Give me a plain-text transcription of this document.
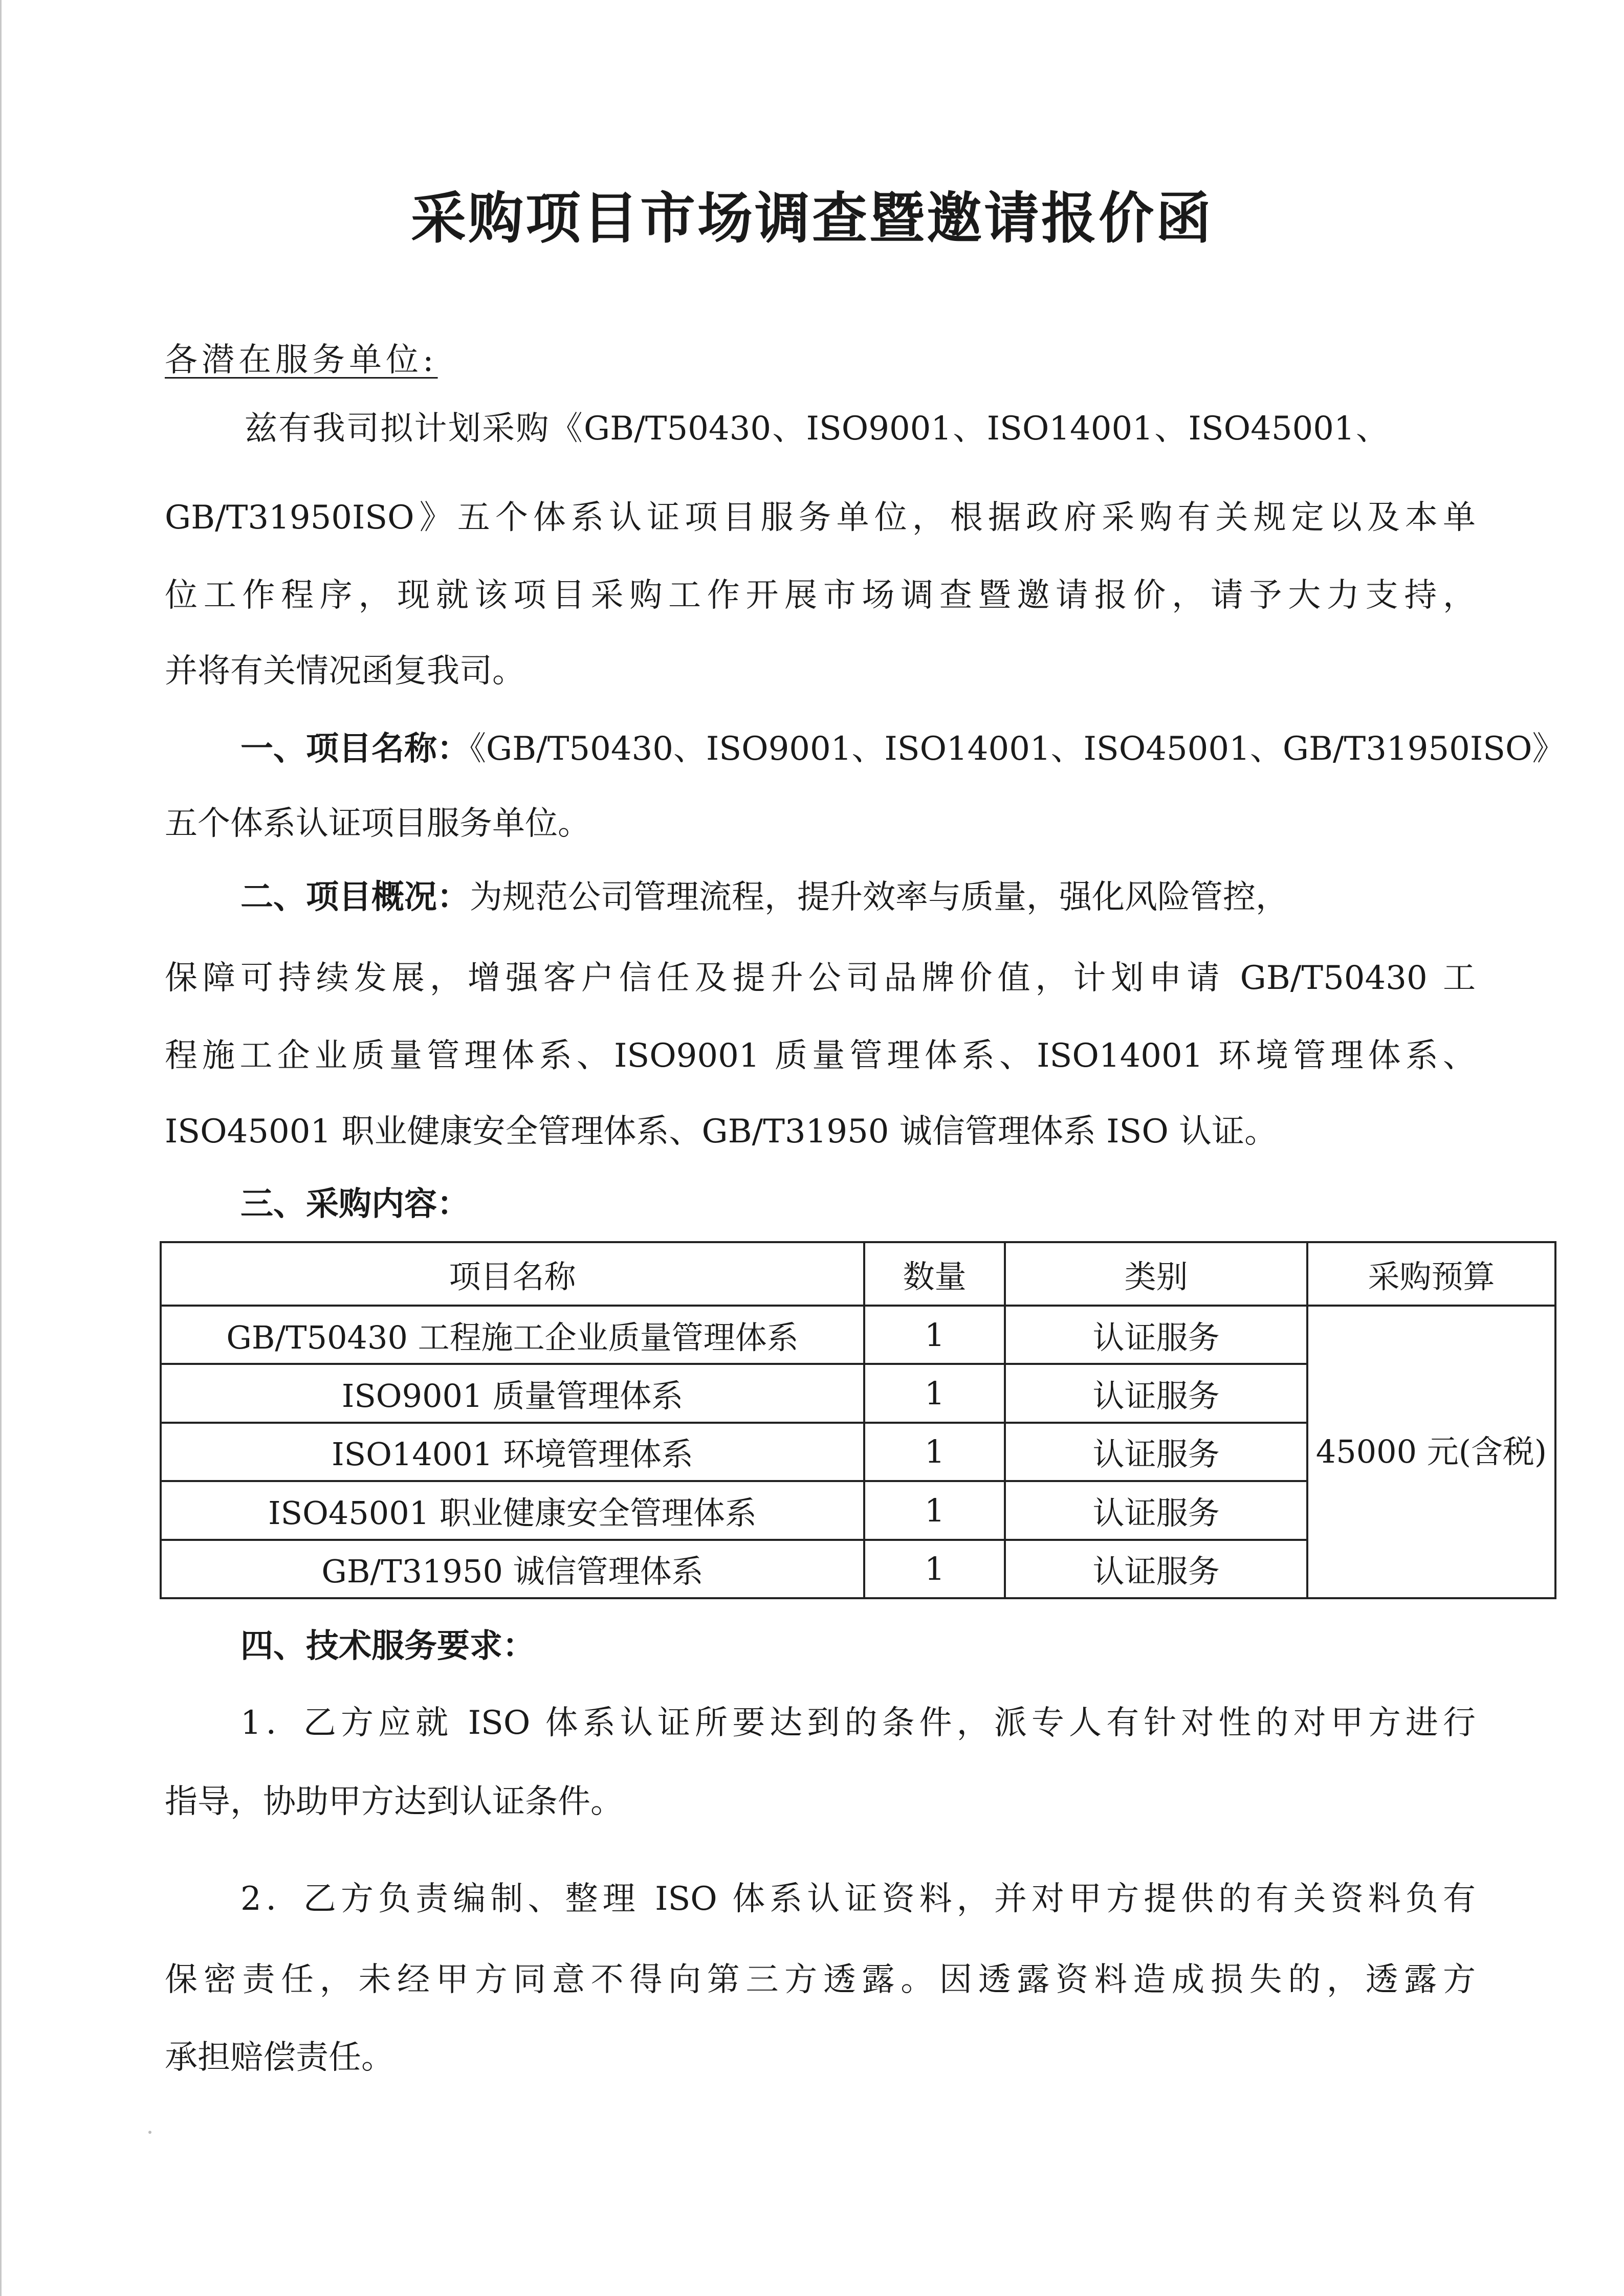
采购项目市场调查暨邀请报价函
各潜在服务单位:
兹有我司拟计划采购《GB/T50430、ISO9001、ISO14001、ISO45001、
GB/T31950ISO》五个体系认证项目服务单位，根据政府采购有关规定以及本单
位工作程序，现就该项目采购工作开展市场调查暨邀请报价，请予大力支持，
并将有关情况函复我司。
一、项目名称：《GB/T50430、ISO9001、ISO14001、ISO45001、GB/T31950ISO》
五个体系认证项目服务单位。
二、项目概况：为规范公司管理流程，提升效率与质量，强化风险管控，
保障可持续发展，增强客户信任及提升公司品牌价值，计划申请 GB/T50430 工
程施工企业质量管理体系、ISO9001 质量管理体系、ISO14001 环境管理体系、
ISO45001 职业健康安全管理体系、GB/T31950 诚信管理体系 ISO 认证。
三、采购内容：
项目名称	数量	类别	采购预算
GB/T50430 工程施工企业质量管理体系	1	认证服务	45000 元(含税)
ISO9001 质量管理体系	1	认证服务	
ISO14001 环境管理体系	1	认证服务	
ISO45001 职业健康安全管理体系	1	认证服务	
GB/T31950 诚信管理体系	1	认证服务	
四、技术服务要求：
1．乙方应就 ISO 体系认证所要达到的条件，派专人有针对性的对甲方进行
指导，协助甲方达到认证条件。
2．乙方负责编制、整理 ISO 体系认证资料，并对甲方提供的有关资料负有
保密责任，未经甲方同意不得向第三方透露。因透露资料造成损失的，透露方
承担赔偿责任。
